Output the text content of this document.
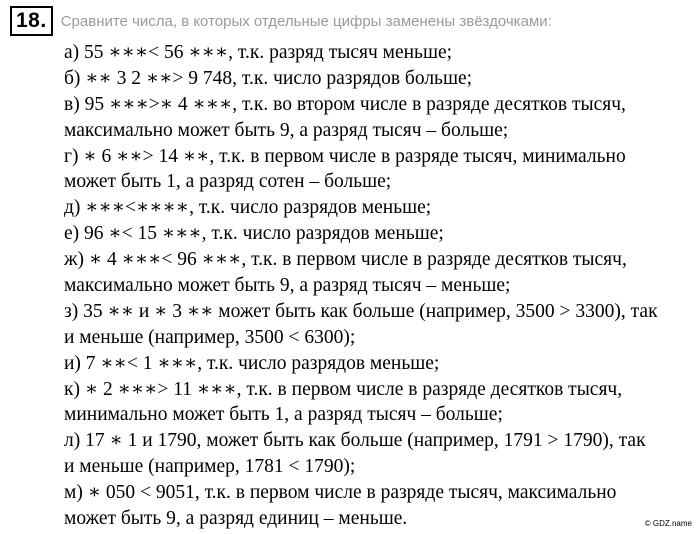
18. Сравните числа, в которых отдельные цифры заменены звёздочками:
а) 55 ∗∗∗< 56 ∗∗∗, т.к. разряд тысяч меньше;
б) ∗∗ 3 2 ∗∗> 9 748, т.к. число разрядов больше;
в) 95 ∗∗∗>∗ 4 ∗∗∗, т.к. во втором числе в разряде десятков тысяч,
максимально может быть 9, а разряд тысяч – больше;
г) ∗ 6 ∗∗> 14 ∗∗, т.к. в первом числе в разряде тысяч, минимально
может быть 1, а разряд сотен – больше;
д) ∗∗∗<∗∗∗∗, т.к. число разрядов меньше;
е) 96 ∗< 15 ∗∗∗, т.к. число разрядов меньше;
ж) ∗ 4 ∗∗∗< 96 ∗∗∗, т.к. в первом числе в разряде десятков тысяч,
максимально может быть 9, а разряд тысяч – меньше;
з) 35 ∗∗ и ∗ 3 ∗∗ может быть как больше (например, 3500 > 3300), так
и меньше (например, 3500 < 6300);
и) 7 ∗∗< 1 ∗∗∗, т.к. число разрядов меньше;
к) ∗ 2 ∗∗∗> 11 ∗∗∗, т.к. в первом числе в разряде десятков тысяч,
минимально может быть 1, а разряд тысяч – больше;
л) 17 ∗ 1 и 1790, может быть как больше (например, 1791 > 1790), так
и меньше (например, 1781 < 1790);
м) ∗ 050 < 9051, т.к. в первом числе в разряде тысяч, максимально
может быть 9, а разряд единиц – меньше.	© GDZ.name
